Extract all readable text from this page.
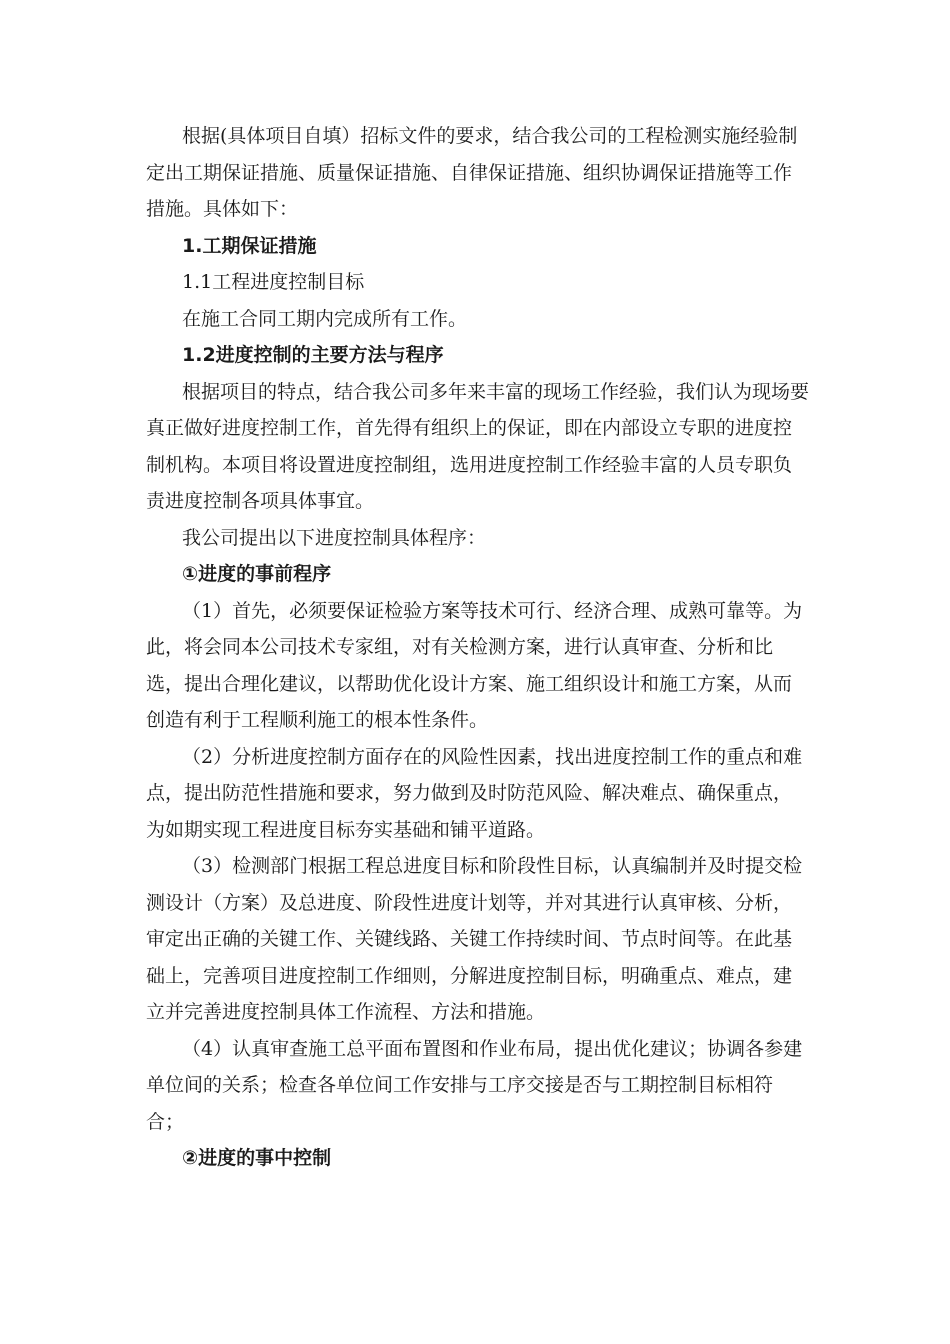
根据(具体项目自填）招标文件的要求，结合我公司的工程检测实施经验制定出工期保证措施、质量保证措施、自律保证措施、组织协调保证措施等工作措施。具体如下：

1.工期保证措施

1.1工程进度控制目标

在施工合同工期内完成所有工作。

1.2进度控制的主要方法与程序

根据项目的特点，结合我公司多年来丰富的现场工作经验，我们认为现场要真正做好进度控制工作，首先得有组织上的保证，即在内部设立专职的进度控制机构。本项目将设置进度控制组，选用进度控制工作经验丰富的人员专职负责进度控制各项具体事宜。

我公司提出以下进度控制具体程序：

①进度的事前程序

（1）首先，必须要保证检验方案等技术可行、经济合理、成熟可靠等。为此，将会同本公司技术专家组，对有关检测方案，进行认真审查、分析和比选，提出合理化建议，以帮助优化设计方案、施工组织设计和施工方案，从而创造有利于工程顺利施工的根本性条件。

（2）分析进度控制方面存在的风险性因素，找出进度控制工作的重点和难点，提出防范性措施和要求，努力做到及时防范风险、解决难点、确保重点，为如期实现工程进度目标夯实基础和铺平道路。

（3）检测部门根据工程总进度目标和阶段性目标，认真编制并及时提交检测设计（方案）及总进度、阶段性进度计划等，并对其进行认真审核、分析，审定出正确的关键工作、关键线路、关键工作持续时间、节点时间等。在此基础上，完善项目进度控制工作细则，分解进度控制目标，明确重点、难点，建立并完善进度控制具体工作流程、方法和措施。

（4）认真审查施工总平面布置图和作业布局，提出优化建议；协调各参建单位间的关系；检查各单位间工作安排与工序交接是否与工期控制目标相符合；

②进度的事中控制
